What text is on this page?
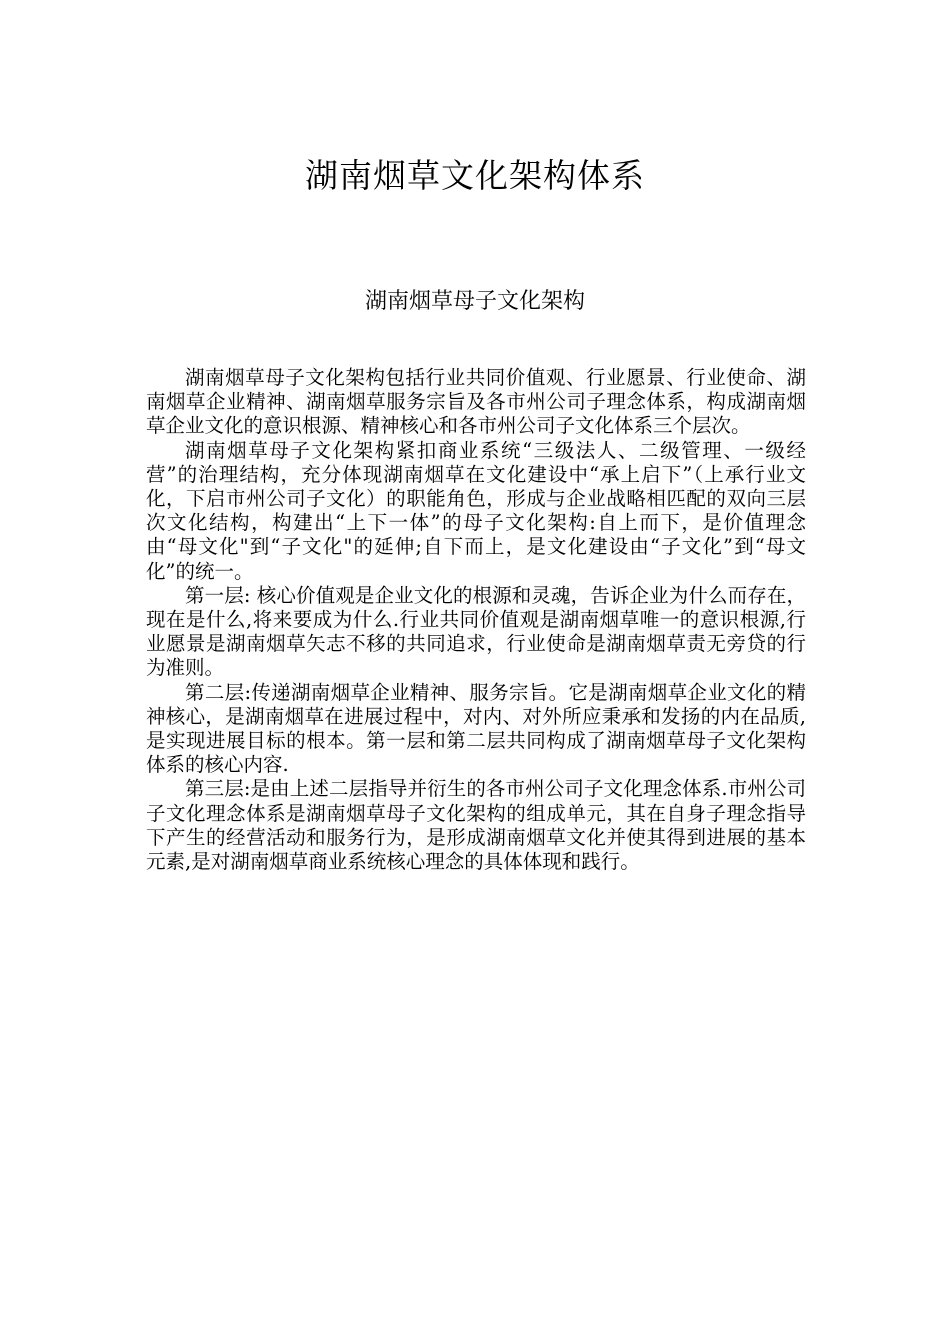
湖南烟草文化架构体系
湖南烟草母子文化架构

湖南烟草母子文化架构包括行业共同价值观、行业愿景、行业使命、湖南烟草企业精神、湖南烟草服务宗旨及各市州公司子理念体系，构成湖南烟草企业文化的意识根源、精神核心和各市州公司子文化体系三个层次。

湖南烟草母子文化架构紧扣商业系统“三级法人、二级管理、一级经营”的治理结构，充分体现湖南烟草在文化建设中“承上启下”（上承行业文化，下启市州公司子文化）的职能角色，形成与企业战略相匹配的双向三层次文化结构，构建出“上下一体”的母子文化架构:自上而下，是价值理念由“母文化"到“子文化"的延伸;自下而上，是文化建设由“子文化”到“母文化”的统一。

第一层: 核心价值观是企业文化的根源和灵魂，告诉企业为什么而存在，现在是什么,将来要成为什么.行业共同价值观是湖南烟草唯一的意识根源,行业愿景是湖南烟草矢志不移的共同追求，行业使命是湖南烟草责无旁贷的行为准则。

第二层:传递湖南烟草企业精神、服务宗旨。它是湖南烟草企业文化的精神核心，是湖南烟草在进展过程中，对内、对外所应秉承和发扬的内在品质,是实现进展目标的根本。第一层和第二层共同构成了湖南烟草母子文化架构体系的核心内容.

第三层:是由上述二层指导并衍生的各市州公司子文化理念体系.市州公司子文化理念体系是湖南烟草母子文化架构的组成单元，其在自身子理念指导下产生的经营活动和服务行为，是形成湖南烟草文化并使其得到进展的基本元素,是对湖南烟草商业系统核心理念的具体体现和践行。
